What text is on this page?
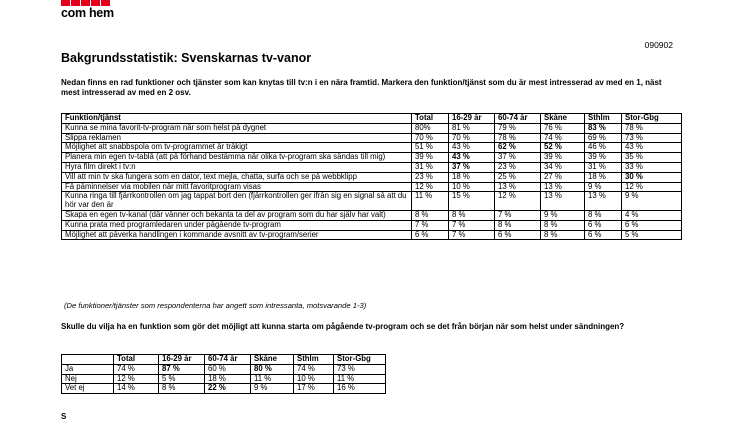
com hem
090902
Bakgrundsstatistik: Svenskarnas tv-vanor

Nedan finns en rad funktioner och tjänster som kan knytas till tv:n i en nära framtid. Markera den funktion/tjänst som du är mest intresserad av med en 1, näst mest intresserad av med en 2 osv.

Funktion/tjänst	Total	16-29 år	60-74 år	Skåne	Sthlm	Stor-Gbg
Kunna se mina favorit-tv-program när som helst på dygnet	80%	81 %	79 %	76 %	83 %	78 %
Slippa reklamen	70 %	70 %	78 %	74 %	69 %	73 %
Möjlighet att snabbspola om tv-programmet är tråkigt	51 %	43 %	62 %	52 %	46 %	43 %
Planera min egen tv-tablå (att på förhand bestämma när olika tv-program ska sändas till mig)	39 %	43 %	37 %	39 %	39 %	35 %
Hyra film direkt i tv:n	31 %	37 %	23 %	34 %	31 %	33 %
Vill att min tv ska fungera som en dator, text mejla, chatta, surfa och se på webbklipp	23 %	18 %	25 %	27 %	18 %	30 %
Få påminnelser via mobilen när mitt favoritprogram visas	12 %	10 %	13 %	13 %	9 %	12 %
Kunna ringa till fjärrkontrollen om jag tappat bort den (fjärrkontrollen ger ifrån sig en signal så att du hör var den är	11 %	15 %	12 %	13 %	13 %	9 %
Skapa en egen tv-kanal (där vänner och bekanta ta del av program som du har själv har valt)	8 %	8 %	7 %	9 %	8 %	4 %
Kunna prata med programledaren under pågående tv-program	7 %	7 %	8 %	8 %	6 %	6 %
Möjlighet att påverka handlingen i kommande avsnitt av tv-program/serier	6 %	7 %	6 %	8 %	6 %	5 %
(De funktioner/tjänster som respondenterna har angett som intressanta, motsvarande 1-3)

Skulle du vilja ha en funktion som gör det möjligt att kunna starta om pågående tv-program och se det från början när som helst under sändningen?

	Total	16-29 år	60-74 år	Skåne	Sthlm	Stor-Gbg
Ja	74 %	87 %	60 %	80 %	74 %	73 %
Nej	12 %	5 %	18 %	11 %	10 %	11 %
Vet ej	14 %	8 %	22 %	9 %	17 %	16 %
S
